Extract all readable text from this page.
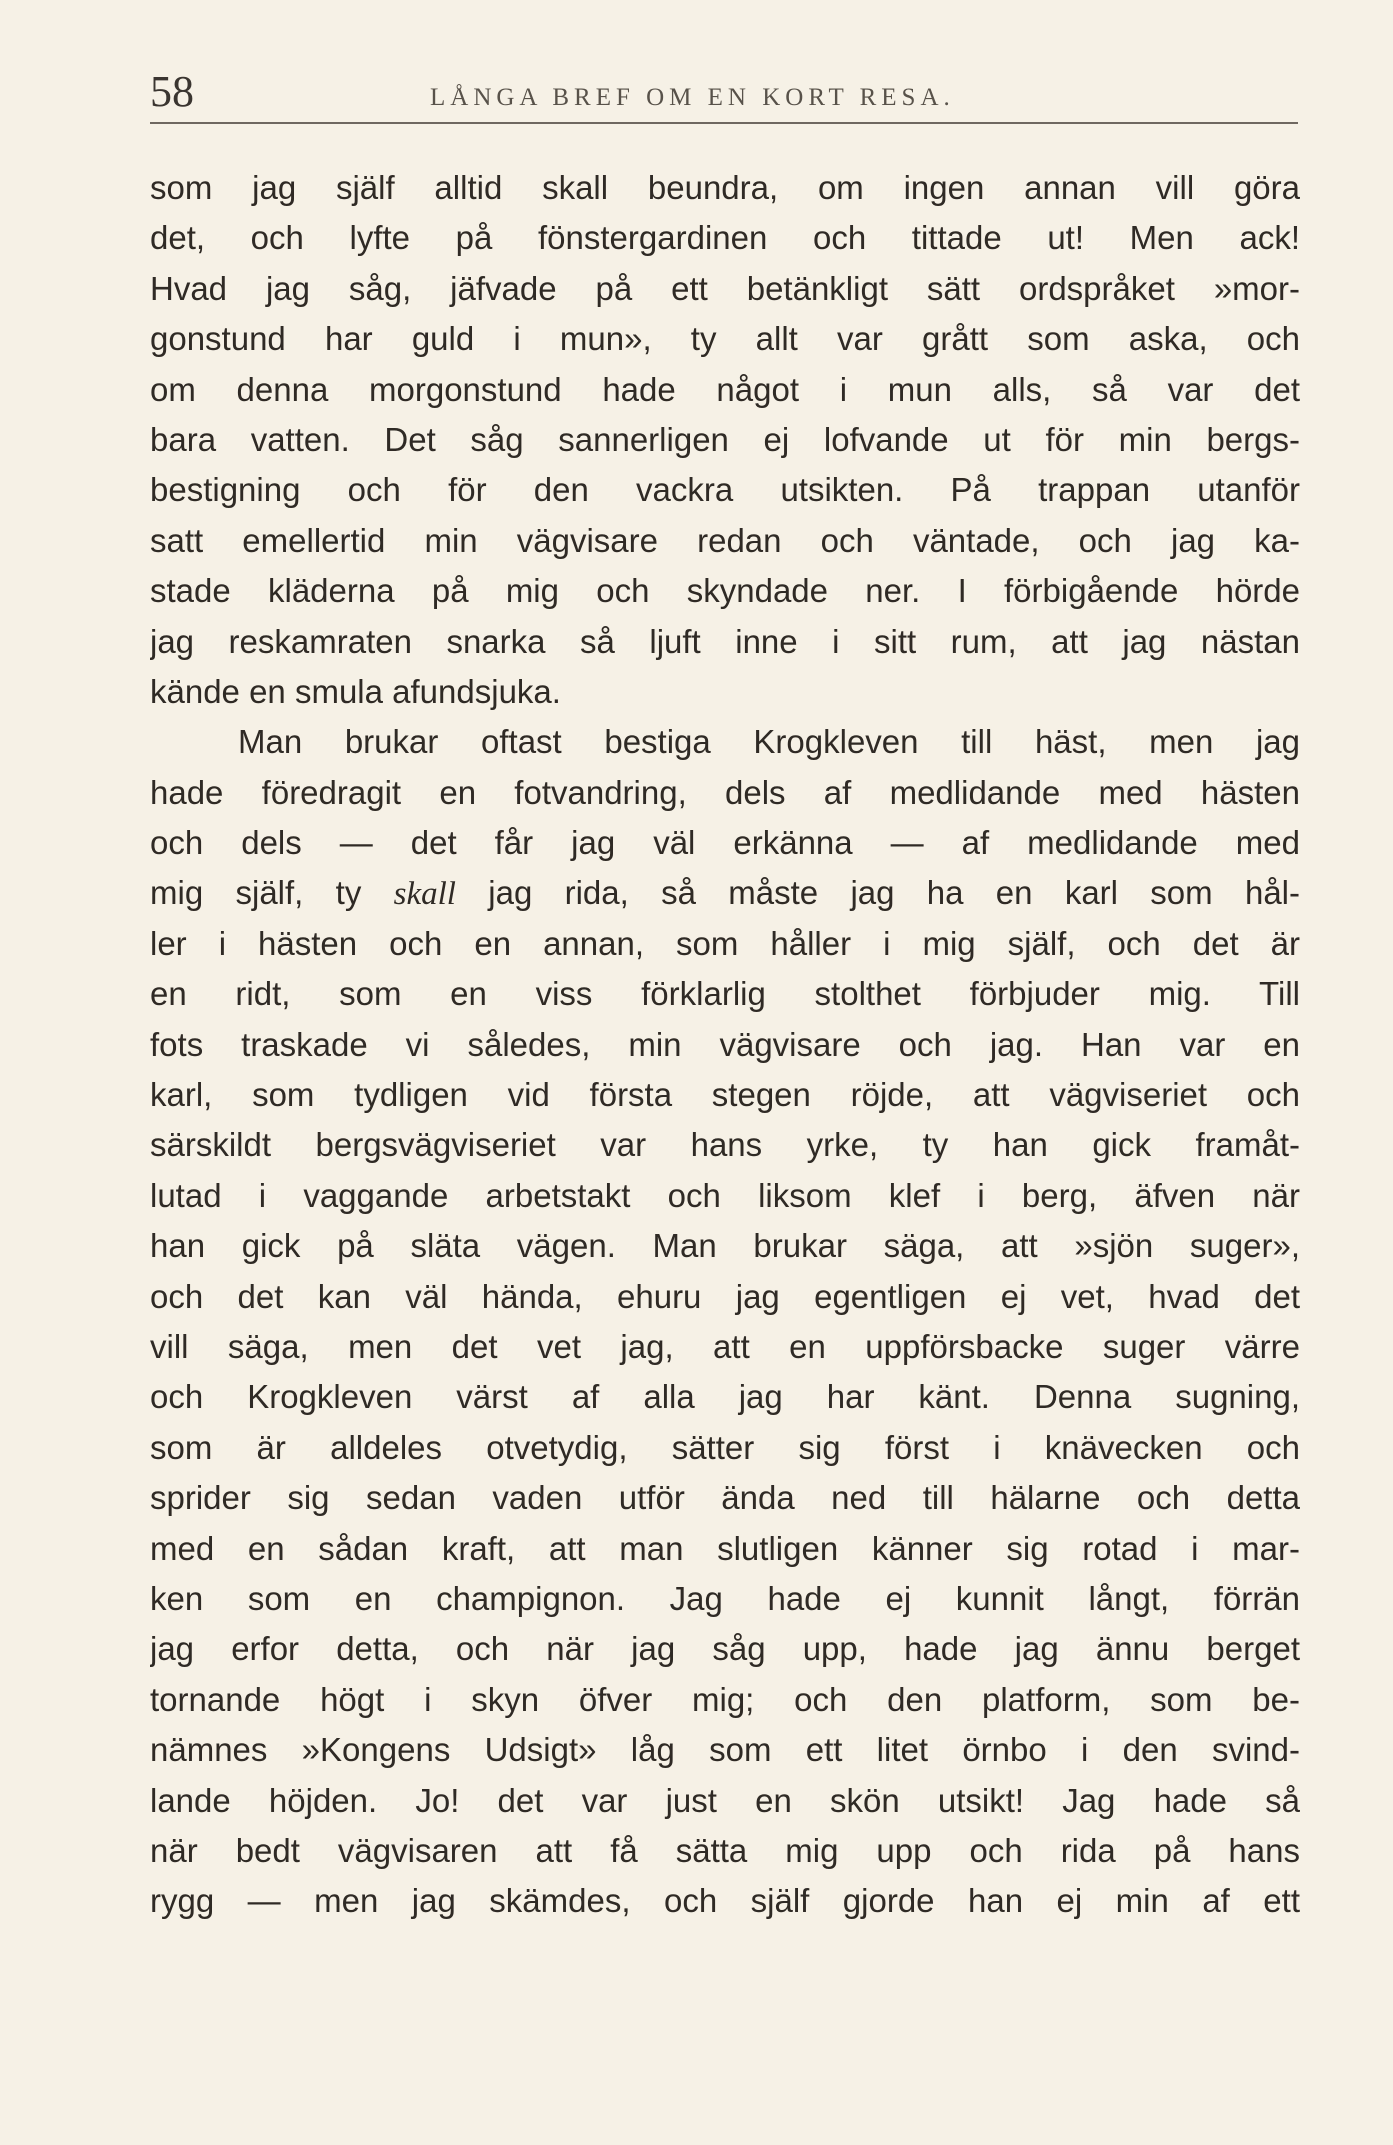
58	LÅNGA BREF OM EN KORT RESA.
som jag själf alltid skall beundra, om ingen annan vill göra
det, och lyfte på fönstergardinen och tittade ut! Men ack!
Hvad jag såg, jäfvade på ett betänkligt sätt ordspråket »mor-
gonstund har guld i mun», ty allt var grått som aska, och
om denna morgonstund hade något i mun alls, så var det
bara vatten. Det såg sannerligen ej lofvande ut för min bergs-
bestigning och för den vackra utsikten. På trappan utanför
satt emellertid min vägvisare redan och väntade, och jag ka-
stade kläderna på mig och skyndade ner. I förbigående hörde
jag reskamraten snarka så ljuft inne i sitt rum, att jag nästan
kände en smula afundsjuka.
Man brukar oftast bestiga Krogkleven till häst, men jag
hade föredragit en fotvandring, dels af medlidande med hästen
och dels — det får jag väl erkänna — af medlidande med
mig själf, ty skall jag rida, så måste jag ha en karl som hål-
ler i hästen och en annan, som håller i mig själf, och det är
en ridt, som en viss förklarlig stolthet förbjuder mig. Till
fots traskade vi således, min vägvisare och jag. Han var en
karl, som tydligen vid första stegen röjde, att vägviseriet och
särskildt bergsvägviseriet var hans yrke, ty han gick framåt-
lutad i vaggande arbetstakt och liksom klef i berg, äfven när
han gick på släta vägen. Man brukar säga, att »sjön suger»,
och det kan väl hända, ehuru jag egentligen ej vet, hvad det
vill säga, men det vet jag, att en uppförsbacke suger värre
och Krogkleven värst af alla jag har känt. Denna sugning,
som är alldeles otvetydig, sätter sig först i knävecken och
sprider sig sedan vaden utför ända ned till hälarne och detta
med en sådan kraft, att man slutligen känner sig rotad i mar-
ken som en champignon. Jag hade ej kunnit långt, förrän
jag erfor detta, och när jag såg upp, hade jag ännu berget
tornande högt i skyn öfver mig; och den platform, som be-
nämnes »Kongens Udsigt» låg som ett litet örnbo i den svind-
lande höjden. Jo! det var just en skön utsikt! Jag hade så
när bedt vägvisaren att få sätta mig upp och rida på hans
rygg — men jag skämdes, och själf gjorde han ej min af ett
